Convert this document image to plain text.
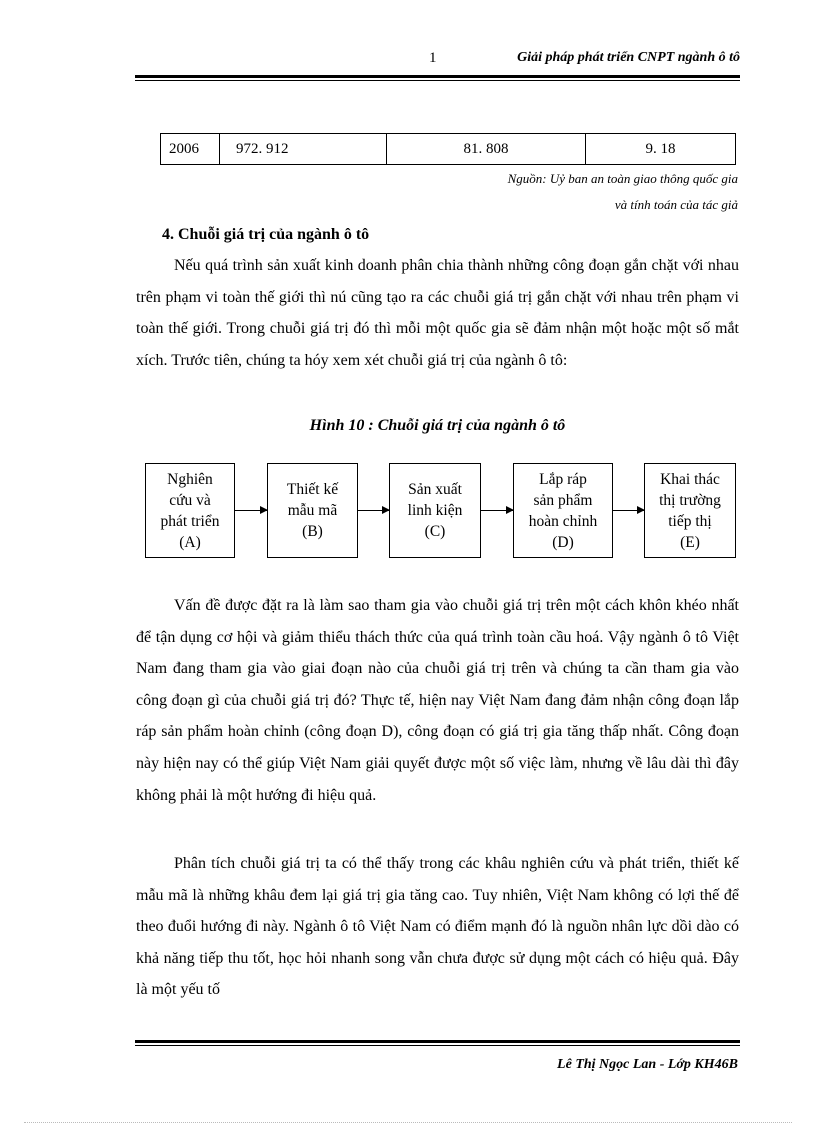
1	Giải pháp phát triển CNPT ngành ô tô
2006	972. 912	81. 808	9. 18
Nguồn: Uỷ ban an toàn giao thông quốc gia
và tính toán của tác giả
4. Chuỗi giá trị của ngành ô tô

Nếu quá trình sản xuất kinh doanh phân chia thành những công đoạn gắn chặt với nhau trên phạm vi toàn thế giới thì nú cũng tạo ra các chuỗi giá trị gắn chặt với nhau trên phạm vi toàn thế giới. Trong chuỗi giá trị đó thì mỗi một quốc gia sẽ đảm nhận một hoặc một số mắt xích. Trước tiên, chúng ta hóy xem xét chuỗi giá trị của ngành ô tô:

Hình 10 : Chuỗi giá trị của ngành ô tô
Nghiên
cứu và
phát triển
(A)
Thiết kế
mẫu mã
(B)
Sản xuất
linh kiện
(C)
Lắp ráp
sản phẩm
hoàn chỉnh
(D)
Khai thác
thị trường
tiếp thị
(E)

Vấn đề được đặt ra là làm sao tham gia vào chuỗi giá trị trên một cách khôn khéo nhất để tận dụng cơ hội và giảm thiểu thách thức của quá trình toàn cầu hoá. Vậy ngành ô tô Việt Nam đang tham gia vào giai đoạn nào của chuỗi giá trị trên và chúng ta cần tham gia vào công đoạn gì của chuỗi giá trị đó? Thực tế, hiện nay Việt Nam đang đảm nhận công đoạn lắp ráp sản phẩm hoàn chỉnh (công đoạn D), công đoạn có giá trị gia tăng thấp nhất. Công đoạn này hiện nay có thể giúp Việt Nam giải quyết được một số việc làm, nhưng về lâu dài thì đây không phải là một hướng đi hiệu quả.

Phân tích chuỗi giá trị ta có thể thấy trong các khâu nghiên cứu và phát triển, thiết kế mẫu mã là những khâu đem lại giá trị gia tăng cao. Tuy nhiên, Việt Nam không có lợi thế để theo đuổi hướng đi này. Ngành ô tô Việt Nam có điểm mạnh đó là nguồn nhân lực dồi dào có khả năng tiếp thu tốt, học hỏi nhanh song vẫn chưa được sử dụng một cách có hiệu quả. Đây là một yếu tố

Lê Thị Ngọc Lan - Lớp KH46B
